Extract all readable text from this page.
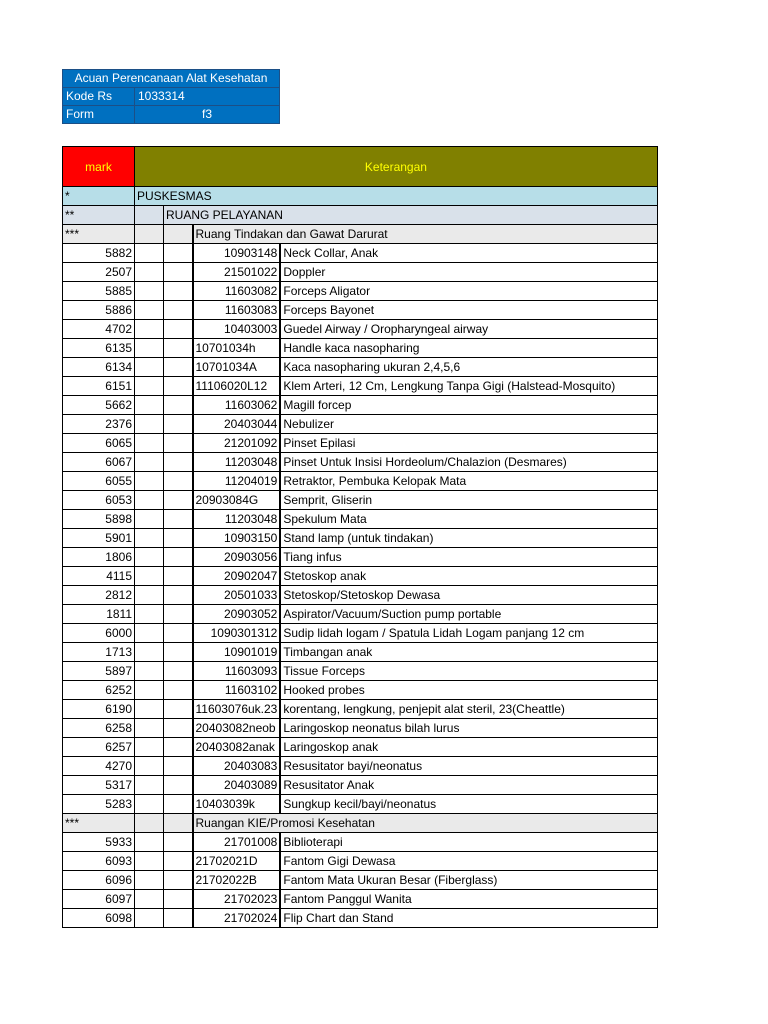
Acuan Perencanaan Alat Kesehatan	
Kode Rs	1033314
Form	f3
mark	Keterangan			
*	PUSKESMAS			
**		RUANG PELAYANAN		
***			Ruang Tindakan dan Gawat Darurat	
5882			10903148	Neck Collar, Anak
2507			21501022	Doppler
5885			11603082	Forceps Aligator
5886			11603083	Forceps Bayonet
4702			10403003	Guedel Airway / Oropharyngeal airway
6135			10701034h	Handle kaca nasopharing
6134			10701034A	Kaca nasopharing ukuran 2,4,5,6
6151			11106020L12	Klem Arteri, 12 Cm, Lengkung Tanpa Gigi (Halstead-Mosquito)
5662			11603062	Magill forcep
2376			20403044	Nebulizer
6065			21201092	Pinset Epilasi
6067			11203048	Pinset Untuk Insisi Hordeolum/Chalazion (Desmares)
6055			11204019	Retraktor, Pembuka Kelopak Mata
6053			20903084G	Semprit, Gliserin
5898			11203048	Spekulum Mata
5901			10903150	Stand lamp (untuk tindakan)
1806			20903056	Tiang infus
4115			20902047	Stetoskop anak
2812			20501033	Stetoskop/Stetoskop Dewasa
1811			20903052	Aspirator/Vacuum/Suction pump portable
6000			1090301312	Sudip lidah logam / Spatula Lidah Logam panjang 12 cm
1713			10901019	Timbangan anak
5897			11603093	Tissue Forceps
6252			11603102	Hooked probes
6190			11603076uk.23	korentang, lengkung, penjepit alat steril, 23(Cheattle)
6258			20403082neob	Laringoskop neonatus bilah lurus
6257			20403082anak	Laringoskop anak
4270			20403083	Resusitator bayi/neonatus
5317			20403089	Resusitator Anak
5283			10403039k	Sungkup kecil/bayi/neonatus
***			Ruangan KIE/Promosi Kesehatan	
5933			21701008	Biblioterapi
6093			21702021D	Fantom Gigi Dewasa
6096			21702022B	Fantom Mata Ukuran Besar (Fiberglass)
6097			21702023	Fantom Panggul Wanita
6098			21702024	Flip Chart dan Stand
